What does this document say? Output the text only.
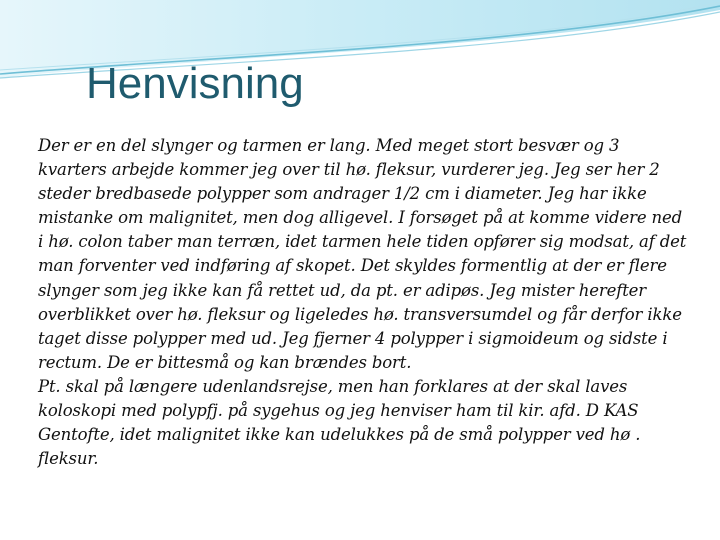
Henvisning

Der er en del slynger og tarmen er lang. Med meget stort besvær og 3 kvarters arbejde kommer jeg over til hø. fleksur, vurderer jeg. Jeg ser her 2 steder bredbasede polypper som andrager 1/2 cm i diameter. Jeg har ikke mistanke om malignitet, men dog alligevel. I forsøget på at komme videre ned i hø. colon taber man terræn, idet tarmen hele tiden opfører sig modsat, af det man forventer ved indføring af skopet. Det skyldes formentlig at der er flere slynger som jeg ikke kan få rettet ud, da pt. er adipøs. Jeg mister herefter overblikket over hø. fleksur og ligeledes hø. transversumdel og får derfor ikke taget disse polypper med ud. Jeg fjerner 4 polypper i sigmoideum og sidste i rectum. De er bittesmå og kan brændes bort.

Pt. skal på længere udenlandsrejse, men han forklares at der skal laves koloskopi med polypfj. på sygehus og jeg henviser ham til kir. afd. D KAS Gentofte, idet malignitet ikke kan udelukkes på de små polypper ved hø . fleksur.
